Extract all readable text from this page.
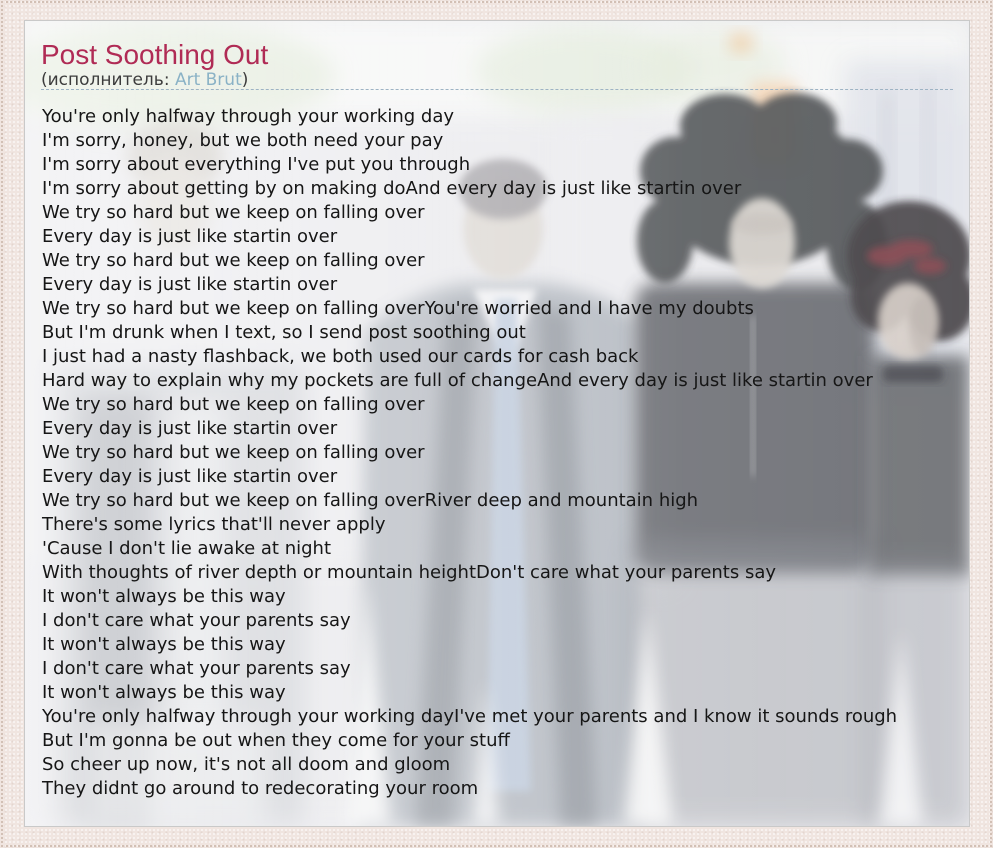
Post Soothing Out
(исполнитель: Art Brut)
You're only halfway through your working day
I'm sorry, honey, but we both need your pay
I'm sorry about everything I've put you through
I'm sorry about getting by on making doAnd every day is just like startin over
We try so hard but we keep on falling over
Every day is just like startin over
We try so hard but we keep on falling over
Every day is just like startin over
We try so hard but we keep on falling overYou're worried and I have my doubts
But I'm drunk when I text, so I send post soothing out
I just had a nasty flashback, we both used our cards for cash back
Hard way to explain why my pockets are full of changeAnd every day is just like startin over
We try so hard but we keep on falling over
Every day is just like startin over
We try so hard but we keep on falling over
Every day is just like startin over
We try so hard but we keep on falling overRiver deep and mountain high
There's some lyrics that'll never apply
'Cause I don't lie awake at night
With thoughts of river depth or mountain heightDon't care what your parents say
It won't always be this way
I don't care what your parents say
It won't always be this way
I don't care what your parents say
It won't always be this way
You're only halfway through your working dayI've met your parents and I know it sounds rough
But I'm gonna be out when they come for your stuff
So cheer up now, it's not all doom and gloom
They didnt go around to redecorating your room
